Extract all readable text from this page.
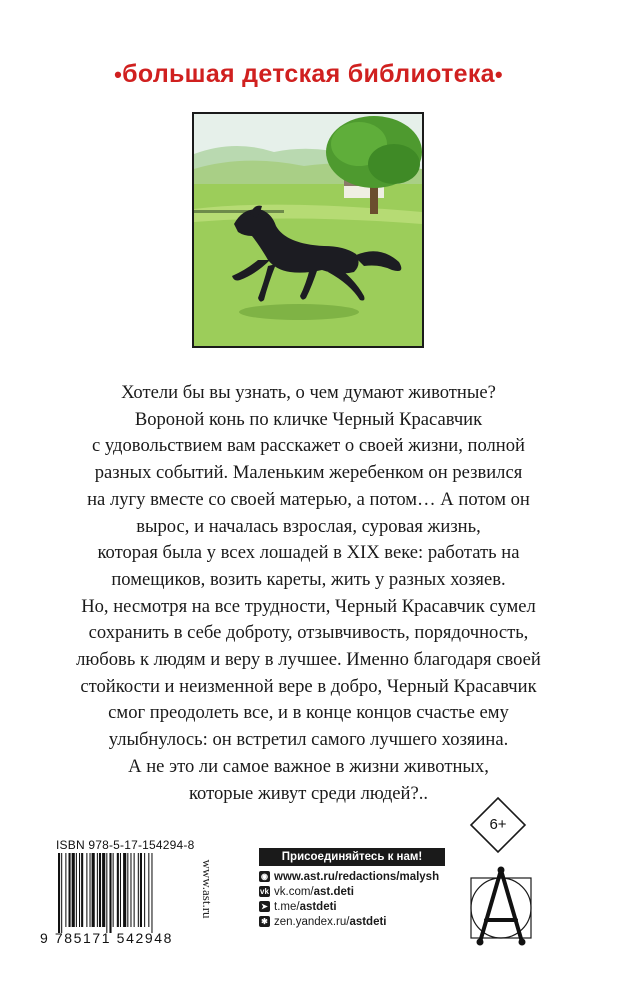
•большая детская библиотека•

Хотели бы вы узнать, о чем думают животные?

Вороной конь по кличке Черный Красавчик

с удовольствием вам расскажет о своей жизни, полной

разных событий. Маленьким жеребенком он резвился

на лугу вместе со своей матерью, а потом… А потом он

вырос, и началась взрослая, суровая жизнь,

которая была у всех лошадей в XIX веке: работать на

помещиков, возить кареты, жить у разных хозяев.

Но, несмотря на все трудности, Черный Красавчик сумел

сохранить в себе доброту, отзывчивость, порядочность,

любовь к людям и веру в лучшее. Именно благодаря своей

стойкости и неизменной вере в добро, Черный Красавчик

смог преодолеть все, и в конце концов счастье ему

улыбнулось: он встретил самого лучшего хозяина.

А не это ли самое важное в жизни животных,

которые живут среди людей?..

6+
ISBN 978-5-17-154294-8
9 785171 542948
www.ast.ru
Присоединяйтесь к нам!
◉ www.ast.ru/redactions/malysh
vk vk.com/ast.deti
➤ t.me/astdeti
✱ zen.yandex.ru/astdeti
